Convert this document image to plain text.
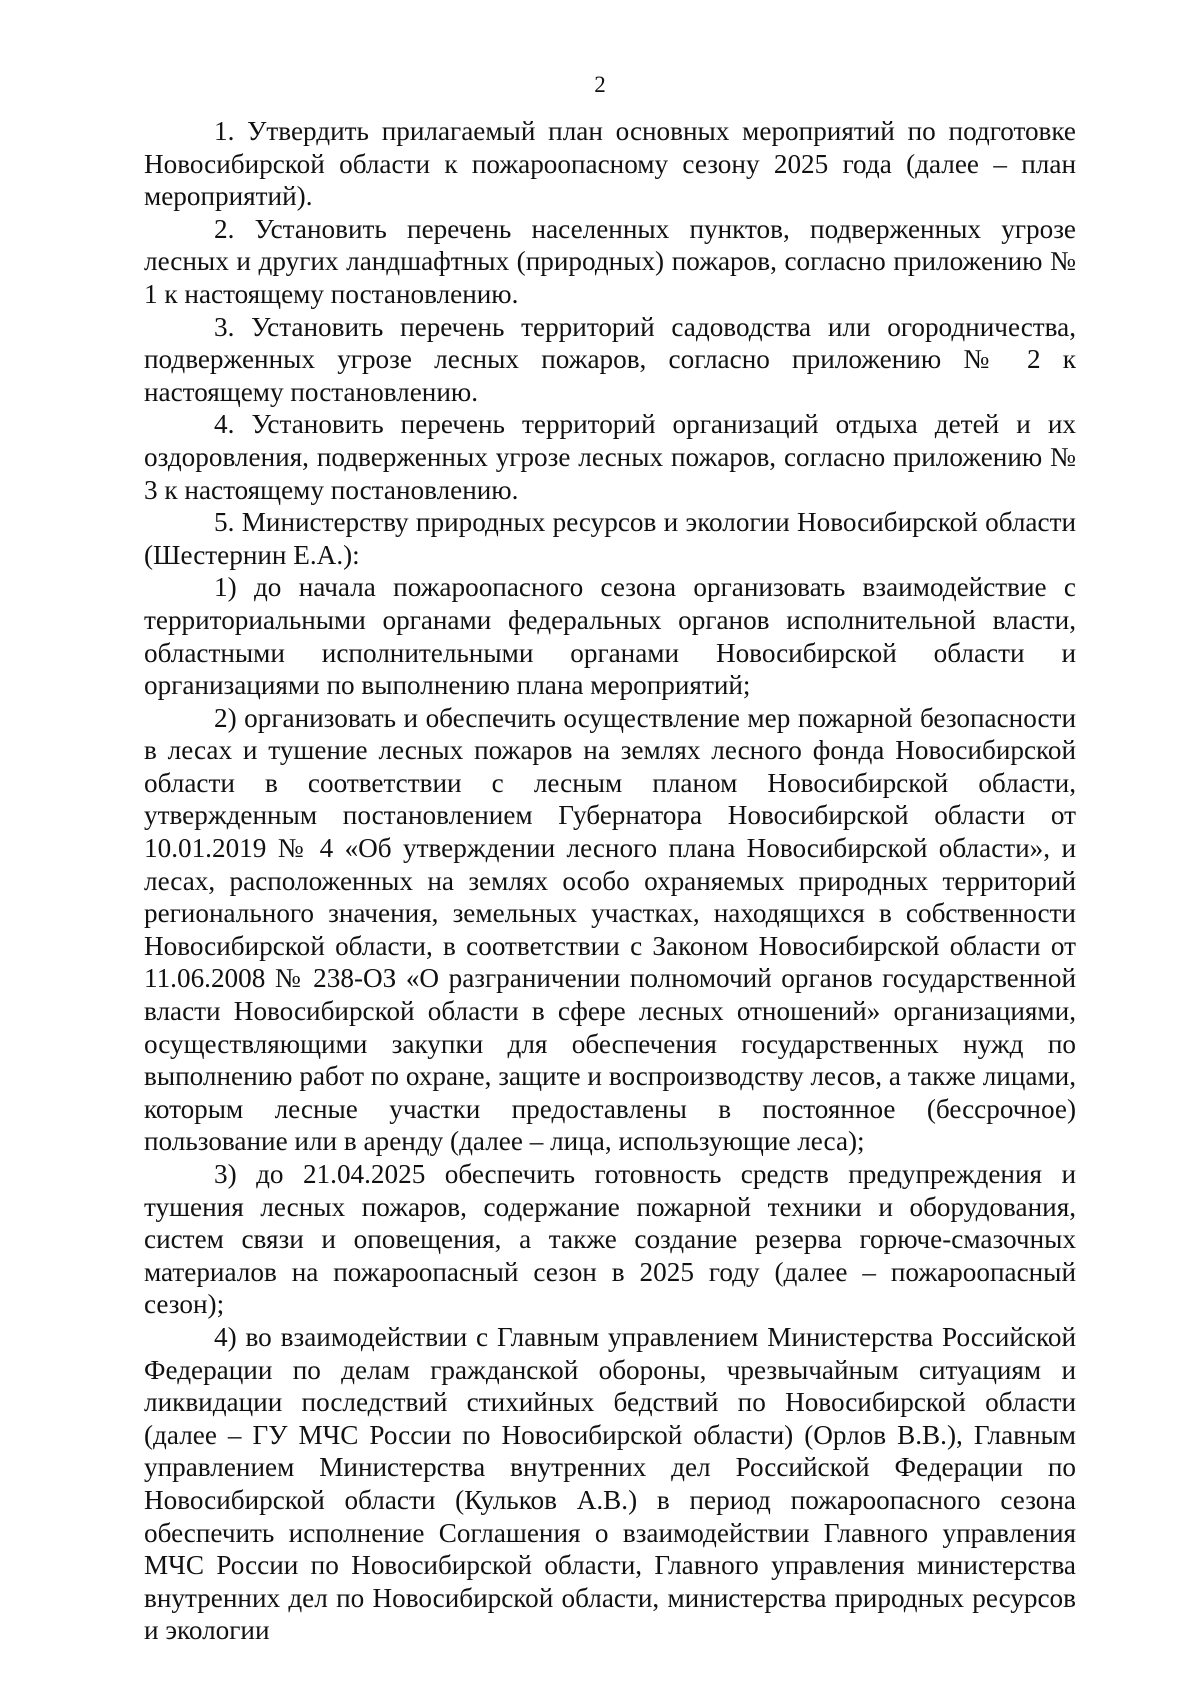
2

1. Утвердить прилагаемый план основных мероприятий по подготовке Новосибирской области к пожароопасному сезону 2025 года (далее – план мероприятий).

2. Установить перечень населенных пунктов, подверженных угрозе лесных и других ландшафтных (природных) пожаров, согласно приложению № 1 к настоящему постановлению.

3. Установить перечень территорий садоводства или огородничества, подверженных угрозе лесных пожаров, согласно приложению № 2 к настоящему постановлению.

4. Установить перечень территорий организаций отдыха детей и их оздоровления, подверженных угрозе лесных пожаров, согласно приложению № 3 к настоящему постановлению.

5. Министерству природных ресурсов и экологии Новосибирской области (Шестернин Е.А.):

1) до начала пожароопасного сезона организовать взаимодействие с территориальными органами федеральных органов исполнительной власти, областными исполнительными органами Новосибирской области и организациями по выполнению плана мероприятий;

2) организовать и обеспечить осуществление мер пожарной безопасности в лесах и тушение лесных пожаров на землях лесного фонда Новосибирской области в соответствии с лесным планом Новосибирской области, утвержденным постановлением Губернатора Новосибирской области от 10.01.2019 № 4 «Об утверждении лесного плана Новосибирской области», и лесах, расположенных на землях особо охраняемых природных территорий регионального значения, земельных участках, находящихся в собственности Новосибирской области, в соответствии с Законом Новосибирской области от 11.06.2008 № 238-ОЗ «О разграничении полномочий органов государственной власти Новосибирской области в сфере лесных отношений» организациями, осуществляющими закупки для обеспечения государственных нужд по выполнению работ по охране, защите и воспроизводству лесов, а также лицами, которым лесные участки предоставлены в постоянное (бессрочное) пользование или в аренду (далее – лица, использующие леса);

3) до 21.04.2025 обеспечить готовность средств предупреждения и тушения лесных пожаров, содержание пожарной техники и оборудования, систем связи и оповещения, а также создание резерва горюче-смазочных материалов на пожароопасный сезон в 2025 году (далее – пожароопасный сезон);

4) во взаимодействии с Главным управлением Министерства Российской Федерации по делам гражданской обороны, чрезвычайным ситуациям и ликвидации последствий стихийных бедствий по Новосибирской области (далее – ГУ МЧС России по Новосибирской области) (Орлов В.В.), Главным управлением Министерства внутренних дел Российской Федерации по Новосибирской области (Кульков А.В.) в период пожароопасного сезона обеспечить исполнение Соглашения о взаимодействии Главного управления МЧС России по Новосибирской области, Главного управления министерства внутренних дел по Новосибирской области, министерства природных ресурсов и экологии
